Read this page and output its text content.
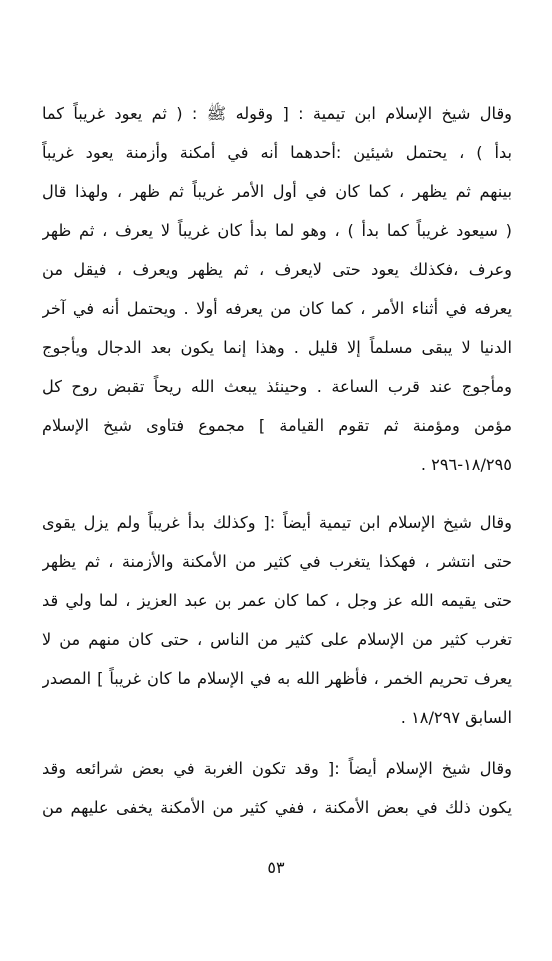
وقال شيخ الإسلام ابن تيمية : [ وقوله ﷺ : ( ثم يعود غريباً كما
بدأ ) ، يحتمل شيئين :أحدهما أنه في أمكنة وأزمنة يعود غريباً
بينهم ثم يظهر ، كما كان في أول الأمر غريباً ثم ظهر ، ولهذا قال
( سيعود غريباً كما بدأ ) ، وهو لما بدأ كان غريباً لا يعرف ، ثم ظهر
وعرف ،فكذلك يعود حتى لايعرف ، ثم يظهر ويعرف ، فيقل من
يعرفه في أثناء الأمر ، كما كان من يعرفه أولا . ويحتمل أنه في آخر
الدنيا لا يبقى مسلماً إلا قليل . وهذا إنما يكون بعد الدجال ويأجوج
ومأجوج عند قرب الساعة . وحينئذ يبعث الله ريحاً تقبض روح كل
مؤمن ومؤمنة ثم تقوم القيامة ] مجموع فتاوى شيخ الإسلام
١٨/٢٩٥-٢٩٦ .
وقال شيخ الإسلام ابن تيمية أيضاً :[ وكذلك بدأ غريباً ولم يزل يقوى
حتى انتشر ، فهكذا يتغرب في كثير من الأمكنة والأزمنة ، ثم يظهر
حتى يقيمه الله عز وجل ، كما كان عمر بن عبد العزيز ، لما ولي قد
تغرب كثير من الإسلام على كثير من الناس ، حتى كان منهم من لا
يعرف تحريم الخمر ، فأظهر الله به في الإسلام ما كان غريباً ] المصدر
السابق ١٨/٢٩٧ .
وقال شيخ الإسلام أيضاً :[ وقد تكون الغربة في بعض شرائعه وقد
يكون ذلك في بعض الأمكنة ، ففي كثير من الأمكنة يخفى عليهم من
٥٣
